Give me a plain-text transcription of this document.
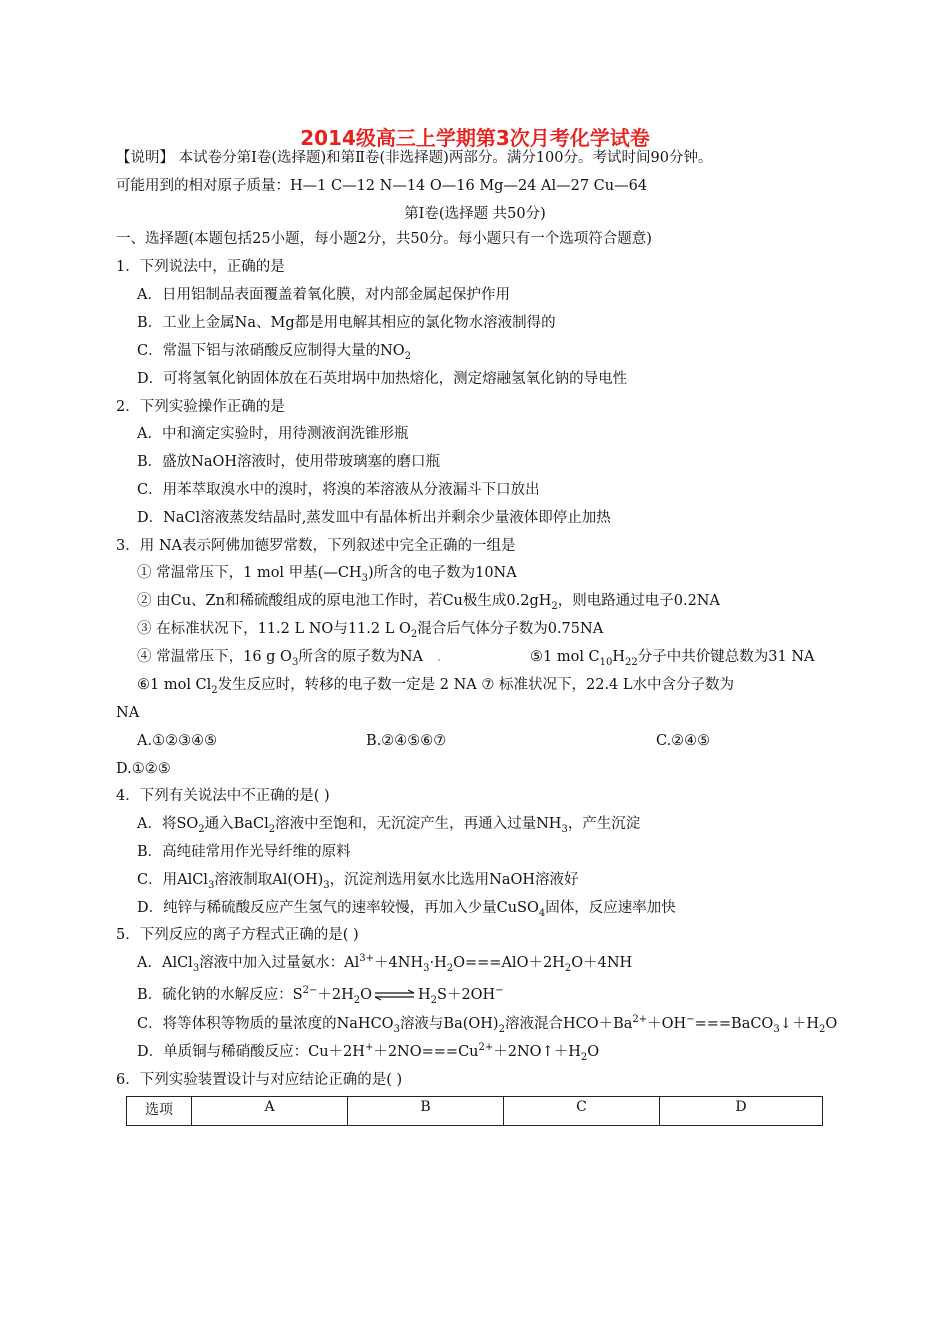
2014级高三上学期第3次月考化学试卷
【说明】 本试卷分第Ⅰ卷(选择题)和第Ⅱ卷(非选择题)两部分。满分100分。考试时间90分钟。
可能用到的相对原子质量：H—1 C—12 N—14 O—16 Mg—24 Al—27 Cu—64
第Ⅰ卷(选择题 共50分)
一、选择题(本题包括25小题，每小题2分，共50分。每小题只有一个选项符合题意)
1．下列说法中，正确的是
A．日用铝制品表面覆盖着氧化膜，对内部金属起保护作用
B．工业上金属Na、Mg都是用电解其相应的氯化物水溶液制得的
C．常温下铝与浓硝酸反应制得大量的$NO_2$
D．可将氢氧化钠固体放在石英坩埚中加热熔化，测定熔融氢氧化钠的导电性
2．下列实验操作正确的是
A．中和滴定实验时，用待测液润洗锥形瓶
B．盛放NaOH溶液时，使用带玻璃塞的磨口瓶
C．用苯萃取溴水中的溴时，将溴的苯溶液从分液漏斗下口放出
D．NaCl溶液蒸发结晶时,蒸发皿中有晶体析出并剩余少量液体即停止加热
3．用 NA表示阿佛加德罗常数，下列叙述中完全正确的一组是
① 常温常压下，1 mol 甲基$(—CH_3)$所含的电子数为10NA
② 由Cu、Zn和稀硫酸组成的原电池工作时，若Cu极生成$0.2gH_2$，则电路通过电子0.2NA
③ 在标准状况下，11.2 L NO与11.2 L $O_2$混合后气体分子数为0.75NA
④ 常温常压下，16 g $O_3$所含的原子数为NA .	⑤1 mol $C_{10}H_{22}$分子中共价键总数为31 NA
⑥1 mol $Cl_2$发生反应时，转移的电子数一定是 2 NA ⑦ 标准状况下，22.4 L水中含分子数为
NA
A.①②③④⑤	B.②④⑤⑥⑦	C.②④⑤
D.①②⑤
4．下列有关说法中不正确的是( )
A．将$SO_2$通入BaCl$_2$溶液中至饱和，无沉淀产生，再通入过量$NH_3$，产生沉淀
B．高纯硅常用作光导纤维的原料
C．用AlCl$_3$溶液制取$Al(OH)_3$，沉淀剂选用氨水比选用NaOH溶液好
D．纯锌与稀硫酸反应产生氢气的速率较慢，再加入少量CuSO$_4$固体，反应速率加快
5．下列反应的离子方程式正确的是( )
A．AlCl$_3$溶液中加入过量氨水：$Al^{3+}+4NH_3\cdot H_2O===AlO+2H_2O+4NH$
B．硫化钠的水解反应：$S^{2-}+2H_2O$ ⇌ $H_2S+2OH^-$
C．将等体积等物质的量浓度的NaHCO$_3$溶液与$Ba(OH)_2$溶液混合$HCO+Ba^{2+}+OH^-===BaCO_3↓+H_2O$
D．单质铜与稀硝酸反应：$Cu+2H^++2NO===Cu^{2+}+2NO↑+H_2O$
6．下列实验装置设计与对应结论正确的是( )
选项	A	B	C	D
